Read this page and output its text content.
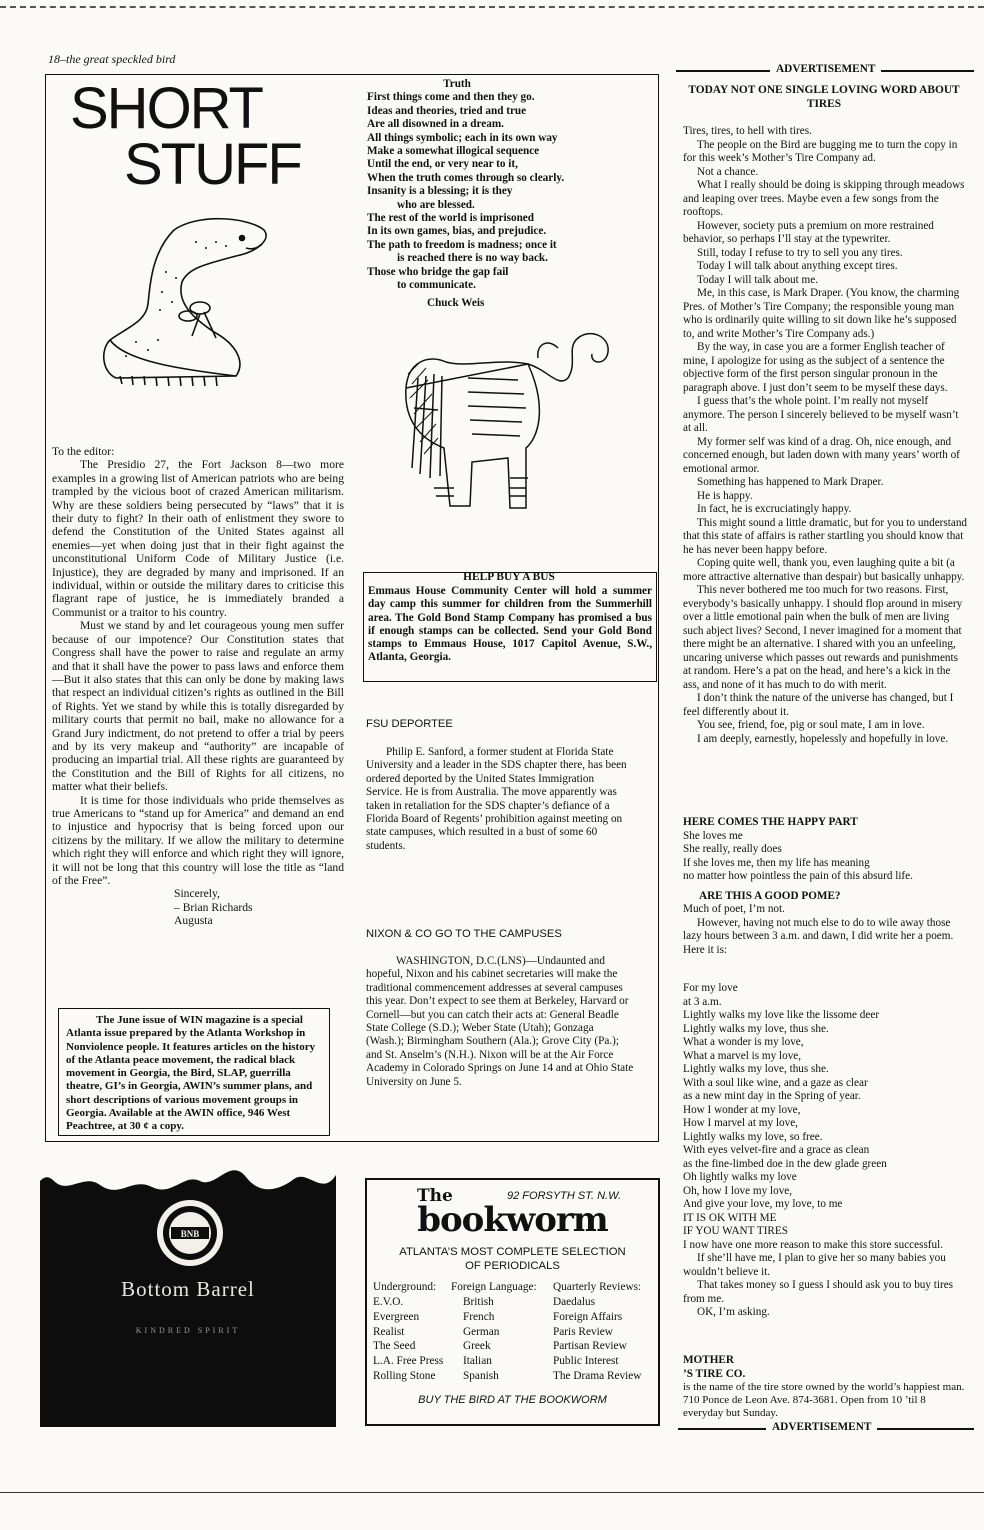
18–the great speckled bird
SHORT
STUFF
Truth
First things come and then they go.
Ideas and theories, tried and true
Are all disowned in a dream.
All things symbolic; each in its own way
Make a somewhat illogical sequence
Until the end, or very near to it,
When the truth comes through so clearly.
Insanity is a blessing; it is they
who are blessed.
The rest of the world is imprisoned
In its own games, bias, and prejudice.
The path to freedom is madness; once it
is reached there is no way back.
Those who bridge the gap fail
to communicate.
Chuck Weis

To the editor:

The Presidio 27, the Fort Jackson 8—two more examples in a growing list of American patriots who are being trampled by the vicious boot of crazed American militarism. Why are these soldiers being persecuted by “laws” that it is their duty to fight? In their oath of enlistment they swore to defend the Constitution of the United States against all enemies—yet when doing just that in their fight against the unconstitutional Uniform Code of Military Justice (i.e. Injustice), they are degraded by many and imprisoned. If an individual, within or outside the military dares to criticise this flagrant rape of justice, he is immediately branded a Communist or a traitor to his country.

Must we stand by and let courageous young men suffer because of our impotence? Our Constitution states that Congress shall have the power to raise and regulate an army and that it shall have the power to pass laws and enforce them—But it also states that this can only be done by making laws that respect an individual citizen’s rights as outlined in the Bill of Rights. Yet we stand by while this is totally disregarded by military courts that permit no bail, make no allowance for a Grand Jury indictment, do not pretend to offer a trial by peers and by its very makeup and “authority” are incapable of producing an impartial trial. All these rights are guaranteed by the Constitution and the Bill of Rights for all citizens, no matter what their beliefs.

It is time for those individuals who pride themselves as true Americans to “stand up for America” and demand an end to injustice and hypocrisy that is being forced upon our citizens by the military. If we allow the military to determine which right they will enforce and which right they will ignore, it will not be long that this country will lose the title as “land of the Free”.

Sincerely,

– Brian Richards

Augusta

HELP BUY A BUS
Emmaus House Community Center will hold a summer day camp this summer for children from the Summerhill area. The Gold Bond Stamp Company has promised a bus if enough stamps can be collected. Send your Gold Bond stamps to Emmaus House, 1017 Capitol Avenue, S.W., Atlanta, Georgia.
FSU DEPORTEE
Philip E. Sanford, a former student at Florida State University and a leader in the SDS chapter there, has been ordered deported by the United States Immigration Service. He is from Australia. The move apparently was taken in retaliation for the SDS chapter’s defiance of a Florida Board of Regents’ prohibition against meeting on state campuses, which resulted in a bust of some 60 students.
NIXON & CO GO TO THE CAMPUSES
WASHINGTON, D.C.(LNS)—Undaunted and hopeful, Nixon and his cabinet secretaries will make the traditional commencement addresses at several campuses this year. Don’t expect to see them at Berkeley, Harvard or Cornell—but you can catch their acts at: General Beadle State College (S.D.); Weber State (Utah); Gonzaga (Wash.); Birmingham Southern (Ala.); Grove City (Pa.); and St. Anselm’s (N.H.). Nixon will be at the Air Force Academy in Colorado Springs on June 14 and at Ohio State University on June 5.
The June issue of WIN magazine is a special Atlanta issue prepared by the Atlanta Workshop in Nonviolence people. It features articles on the history of the Atlanta peace movement, the radical black movement in Georgia, the Bird, SLAP, guerrilla theatre, GI’s in Georgia, AWIN’s summer plans, and short descriptions of various movement groups in Georgia. Available at the AWIN office, 946 West Peachtree, at 30 ¢ a copy.
BNB
Bottom Barrel
KINDRED SPIRIT
The	92 FORSYTH ST. N.W.
bookworm
ATLANTA’S MOST COMPLETE SELECTION
OF PERIODICALS
Underground: Foreign Language: Quarterly Reviews:
E.V.O.
Evergreen
Realist
The Seed
L.A. Free Press
Rolling Stone
British
French
German
Greek
Italian
Spanish
Daedalus
Foreign Affairs
Paris Review
Partisan Review
Public Interest
The Drama Review
BUY THE BIRD AT THE BOOKWORM
ADVERTISEMENT
TODAY NOT ONE SINGLE LOVING WORD ABOUT TIRES

Tires, tires, to hell with tires.

The people on the Bird are bugging me to turn the copy in for this week’s Mother’s Tire Company ad.

Not a chance.

What I really should be doing is skipping through meadows and leaping over trees. Maybe even a few songs from the rooftops.

However, society puts a premium on more restrained behavior, so perhaps I’ll stay at the typewriter.

Still, today I refuse to try to sell you any tires.

Today I will talk about anything except tires.

Today I will talk about me.

Me, in this case, is Mark Draper. (You know, the charming Pres. of Mother’s Tire Company; the responsible young man who is ordinarily quite willing to sit down like he’s supposed to, and write Mother’s Tire Company ads.)

By the way, in case you are a former English teacher of mine, I apologize for using as the subject of a sentence the objective form of the first person singular pronoun in the paragraph above. I just don’t seem to be myself these days.

I guess that’s the whole point. I’m really not myself anymore. The person I sincerely believed to be myself wasn’t at all.

My former self was kind of a drag. Oh, nice enough, and concerned enough, but laden down with many years’ worth of emotional armor.

Something has happened to Mark Draper.

He is happy.

In fact, he is excruciatingly happy.

This might sound a little dramatic, but for you to understand that this state of affairs is rather startling you should know that he has never been happy before.

Coping quite well, thank you, even laughing quite a bit (a more attractive alternative than despair) but basically unhappy.

This never bothered me too much for two reasons. First, everybody’s basically unhappy. I should flop around in misery over a little emotional pain when the bulk of men are living such abject lives? Second, I never imagined for a moment that there might be an alternative. I shared with you an unfeeling, uncaring universe which passes out rewards and punishments at random. Here’s a pat on the head, and here’s a kick in the ass, and none of it has much to do with merit.

I don’t think the nature of the universe has changed, but I feel differently about it.

You see, friend, foe, pig or soul mate, I am in love.

I am deeply, earnestly, hopelessly and hopefully in love.

HERE COMES THE HAPPY PART

She loves me

She really, really does

If she loves me, then my life has meaning

no matter how pointless the pain of this absurd life.

ARE THIS A GOOD POME?

Much of poet, I’m not.

However, having not much else to do to wile away those lazy hours between 3 a.m. and dawn, I did write her a poem.

Here it is:

For my love

at 3 a.m.

Lightly walks my love like the lissome deer

Lightly walks my love, thus she.

What a wonder is my love,

What a marvel is my love,

Lightly walks my love, thus she.

With a soul like wine, and a gaze as clear

as a new mint day in the Spring of year.

How I wonder at my love,

How I marvel at my love,

Lightly walks my love, so free.

With eyes velvet-fire and a grace as clean

as the fine-limbed doe in the dew glade green

Oh lightly walks my love

Oh, how I love my love,

And give your love, my love, to me

IT IS OK WITH ME

IF YOU WANT TIRES

I now have one more reason to make this store successful.

If she’ll have me, I plan to give her so many babies you wouldn’t believe it.

That takes money so I guess I should ask you to buy tires from me.

OK, I’m asking.

MOTHER

’S TIRE CO.

is the name of the tire store owned by the world’s happiest man. 710 Ponce de Leon Ave. 874-3681. Open from 10 ’til 8 everyday but Sunday.
ADVERTISEMENT
